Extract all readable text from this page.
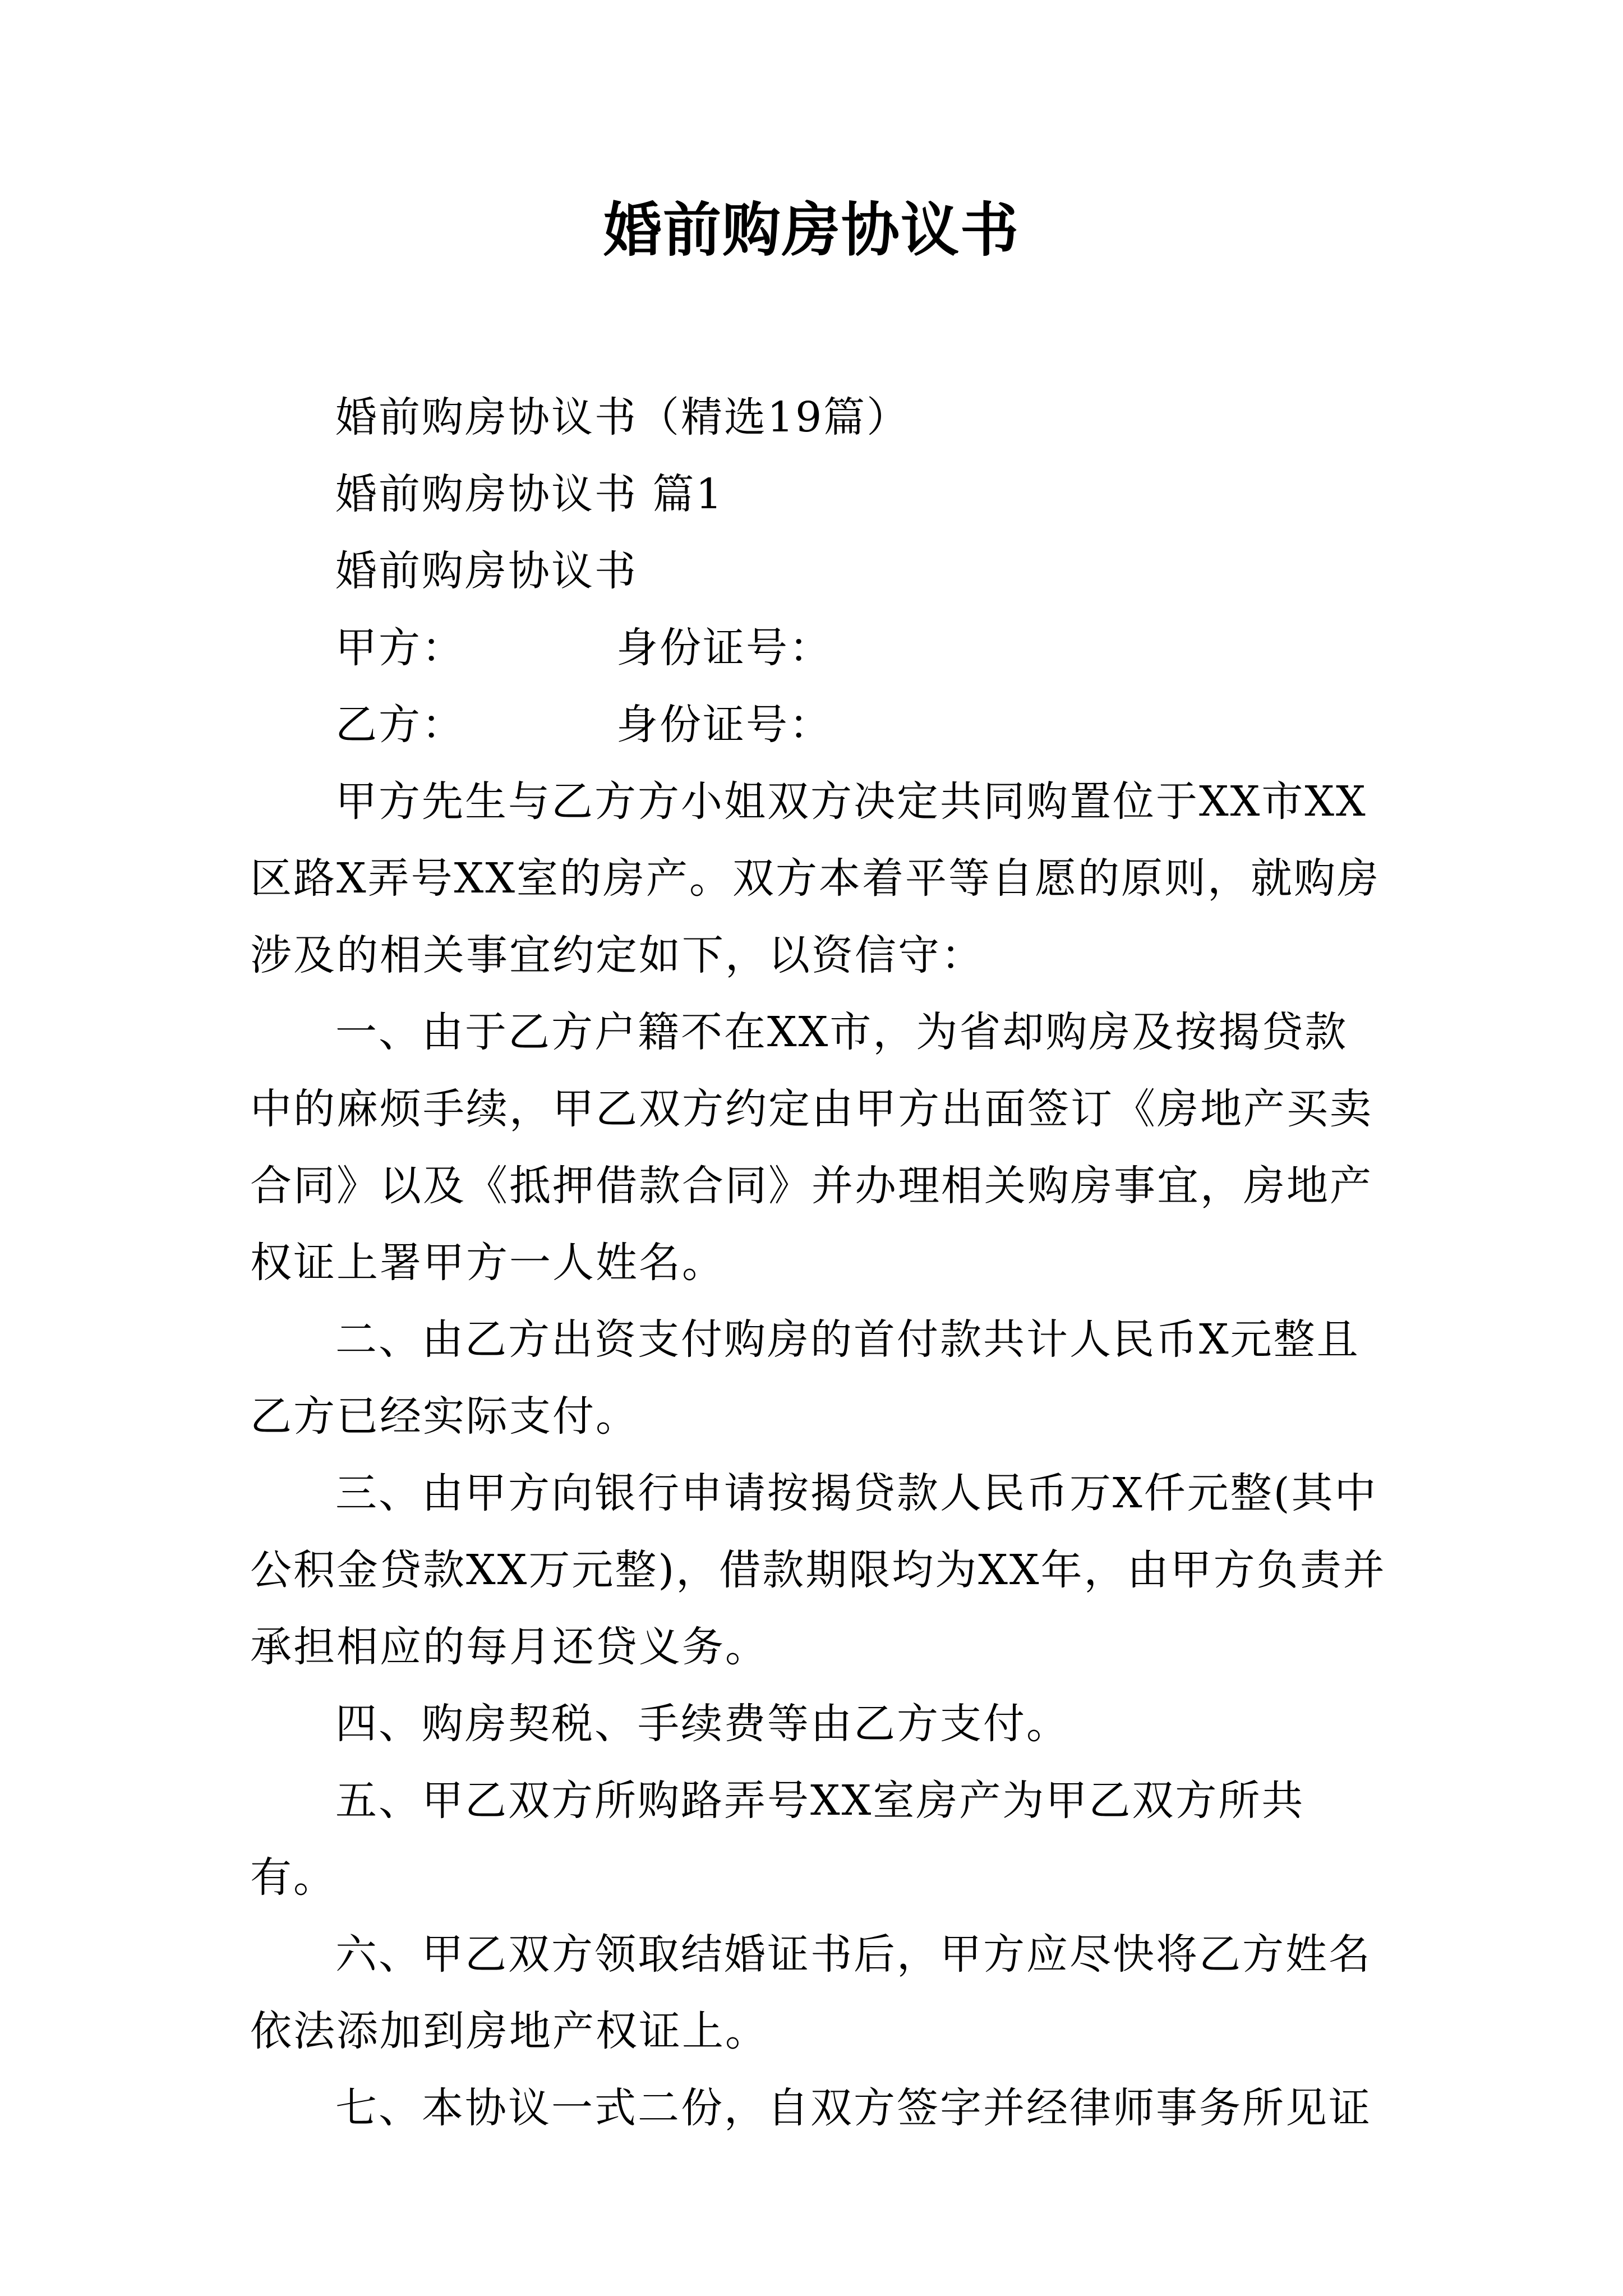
婚前购房协议书
婚前购房协议书（精选19篇）
婚前购房协议书 篇1
婚前购房协议书
甲方：	身份证号：
乙方：	身份证号：
甲方先生与乙方方小姐双方决定共同购置位于XX市XX区路X弄号XX室的房产。双方本着平等自愿的原则，就购房涉及的相关事宜约定如下，以资信守：
一、由于乙方户籍不在XX市，为省却购房及按揭贷款中的麻烦手续，甲乙双方约定由甲方出面签订《房地产买卖合同》以及《抵押借款合同》并办理相关购房事宜，房地产权证上署甲方一人姓名。
二、由乙方出资支付购房的首付款共计人民币X元整且乙方已经实际支付。
三、由甲方向银行申请按揭贷款人民币万X仟元整(其中公积金贷款XX万元整)，借款期限均为XX年，由甲方负责并承担相应的每月还贷义务。
四、购房契税、手续费等由乙方支付。
五、甲乙双方所购路弄号XX室房产为甲乙双方所共有。
六、甲乙双方领取结婚证书后，甲方应尽快将乙方姓名依法添加到房地产权证上。
七、本协议一式二份，自双方签字并经律师事务所见证
